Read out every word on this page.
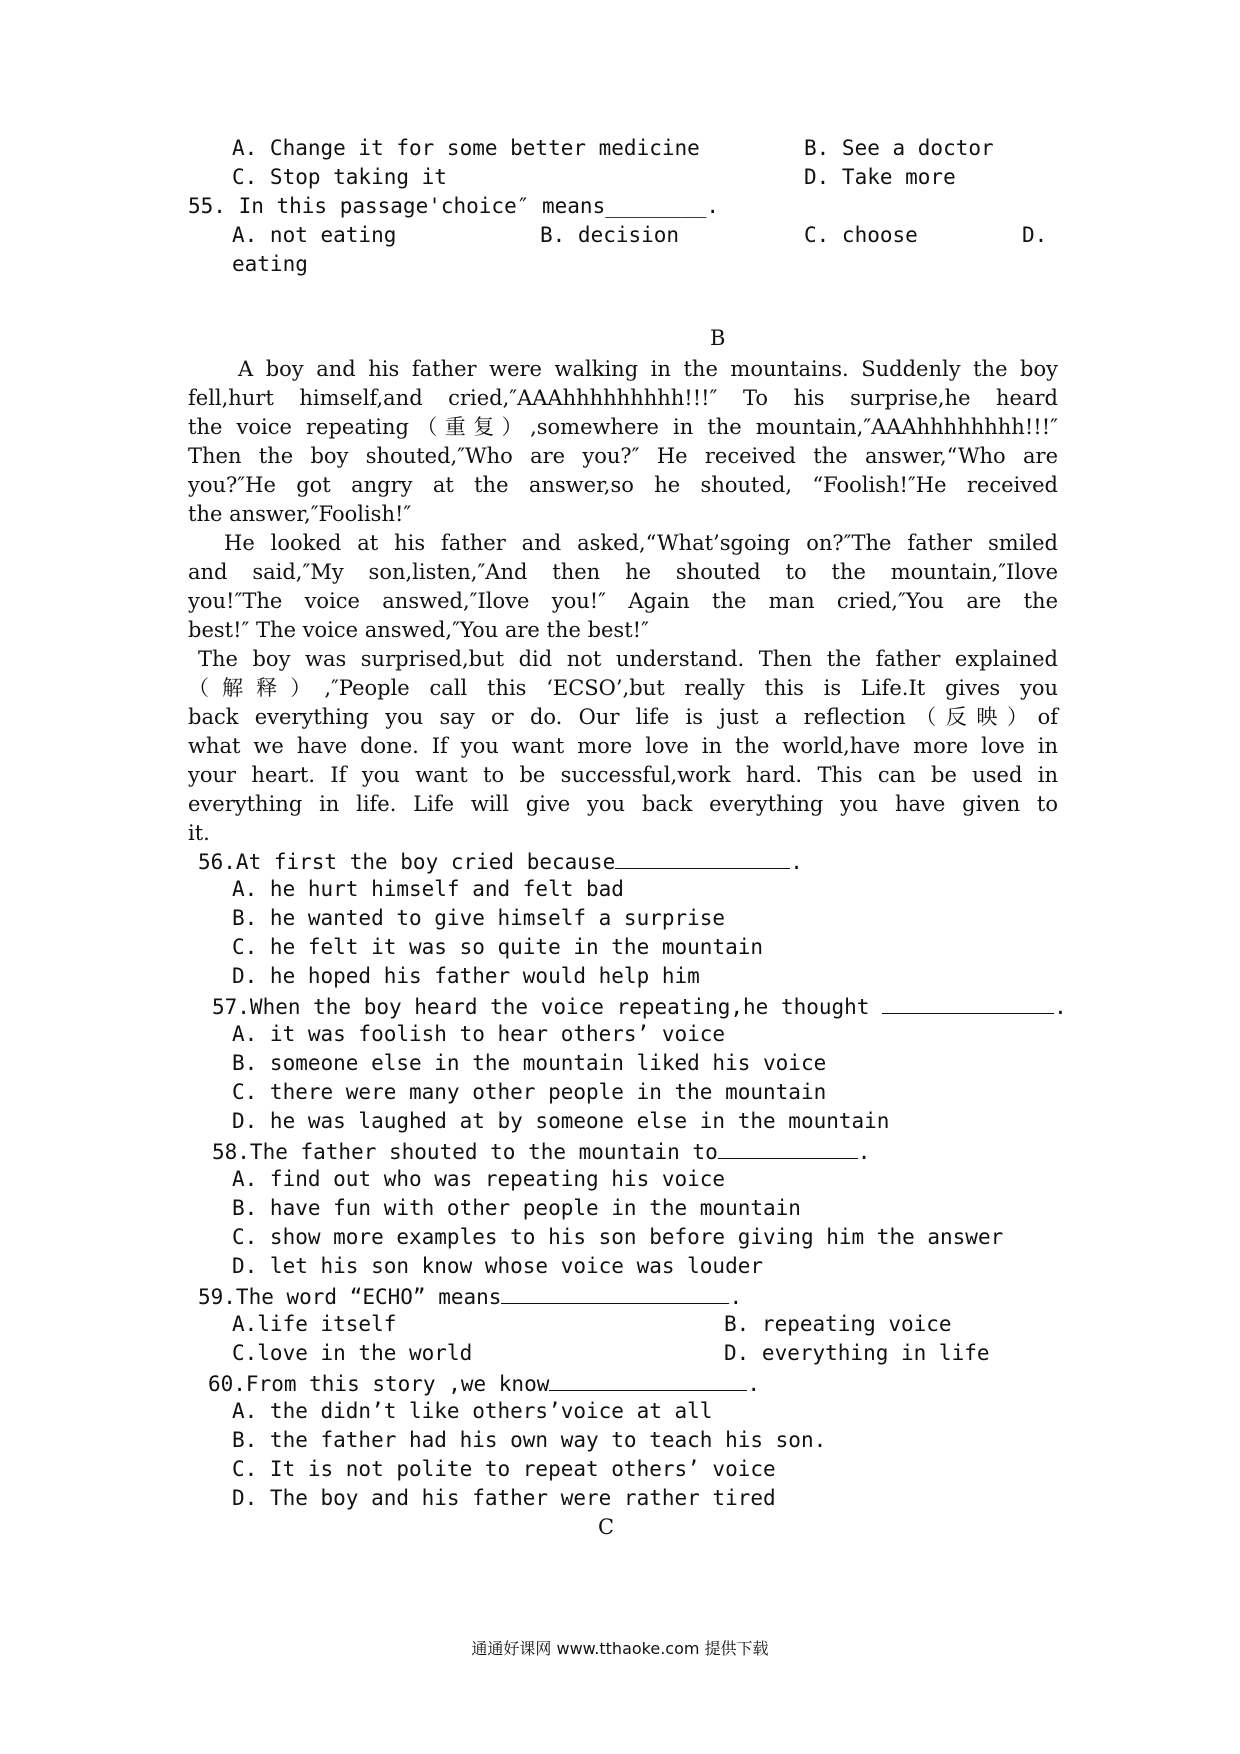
A. Change it for some better medicine	B. See a doctor
C. Stop taking it	D. Take more
55. In this passage'choice″ means________.
A. not eating	B. decision	C. choose	D.
eating
B
A boy and his father were walking in the mountains. Suddenly the boy
fell,hurt himself,and cried,″AAAhhhhhhhhh!!!″ To his surprise,he heard
the voice repeating（重复）,somewhere in the mountain,″AAAhhhhhhhh!!!″
Then the boy shouted,″Who are you?″ He received the answer,“Who are
you?″He got angry at the answer,so he shouted, “Foolish!″He received
the answer,″Foolish!″
He looked at his father and asked,“What’sgoing on?″The father smiled
and said,″My son,listen,″And then he shouted to the mountain,″Ilove
you!″The voice answed,″Ilove you!″ Again the man cried,″You are the
best!″ The voice answed,″You are the best!″
The boy was surprised,but did not understand. Then the father explained
（解释）,″People call this ‘ECSO’,but really this is Life.It gives you
back everything you say or do. Our life is just a reflection（反映）of
what we have done. If you want more love in the world,have more love in
your heart. If you want to be successful,work hard. This can be used in
everything in life. Life will give you back everything you have given to
it.
56.At first the boy cried because	.
A. he hurt himself and felt bad
B. he wanted to give himself a surprise
C. he felt it was so quite in the mountain
D. he hoped his father would help him
57.When the boy heard the voice repeating,he thought	.
A. it was foolish to hear others’ voice
B. someone else in the mountain liked his voice
C. there were many other people in the mountain
D. he was laughed at by someone else in the mountain
58.The father shouted to the mountain to	.
A. find out who was repeating his voice
B. have fun with other people in the mountain
C. show more examples to his son before giving him the answer
D. let his son know whose voice was louder
59.The word “ECHO” means	.
A.life itself	B. repeating voice
C.love in the world	D. everything in life
60.From this story ,we know	.
A. the didn’t like others’voice at all
B. the father had his own way to teach his son.
C. It is not polite to repeat others’ voice
D. The boy and his father were rather tired
C
通通好课网 www.tthaoke.com 提供下载
